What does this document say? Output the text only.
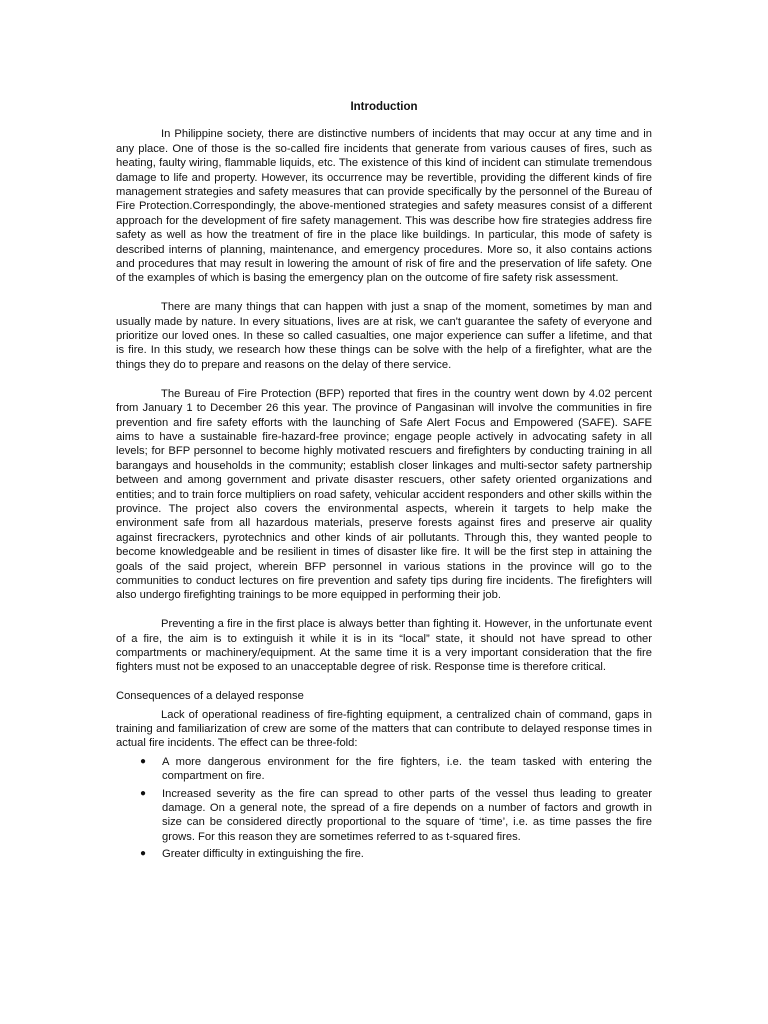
Introduction

In Philippine society, there are distinctive numbers of incidents that may occur at any time and in any place. One of those is the so-called fire incidents that generate from various causes of fires, such as heating, faulty wiring, flammable liquids, etc. The existence of this kind of incident can stimulate tremendous damage to life and property. However, its occurrence may be revertible, providing the different kinds of fire management strategies and safety measures that can provide specifically by the personnel of the Bureau of Fire Protection.Correspondingly, the above-mentioned strategies and safety measures consist of a different approach for the development of fire safety management. This was describe how fire strategies address fire safety as well as how the treatment of fire in the place like buildings. In particular, this mode of safety is described interns of planning, maintenance, and emergency procedures. More so, it also contains actions and procedures that may result in lowering the amount of risk of fire and the preservation of life safety. One of the examples of which is basing the emergency plan on the outcome of fire safety risk assessment.

There are many things that can happen with just a snap of the moment, sometimes by man and usually made by nature. In every situations, lives are at risk, we can't guarantee the safety of everyone and prioritize our loved ones. In these so called casualties, one major experience can suffer a lifetime, and that is fire. In this study, we research how these things can be solve with the help of a firefighter, what are the things they do to prepare and reasons on the delay of there service.

The Bureau of Fire Protection (BFP) reported that fires in the country went down by 4.02 percent from January 1 to December 26 this year. The province of Pangasinan will involve the communities in fire prevention and fire safety efforts with the launching of Safe Alert Focus and Empowered (SAFE). SAFE aims to have a sustainable fire-hazard-free province; engage people actively in advocating safety in all levels; for BFP personnel to become highly motivated rescuers and firefighters by conducting training in all barangays and households in the community; establish closer linkages and multi-sector safety partnership between and among government and private disaster rescuers, other safety oriented organizations and entities; and to train force multipliers on road safety, vehicular accident responders and other skills within the province. The project also covers the environmental aspects, wherein it targets to help make the environment safe from all hazardous materials, preserve forests against fires and preserve air quality against firecrackers, pyrotechnics and other kinds of air pollutants. Through this, they wanted people to become knowledgeable and be resilient in times of disaster like fire. It will be the first step in attaining the goals of the said project, wherein BFP personnel in various stations in the province will go to the communities to conduct lectures on fire prevention and safety tips during fire incidents. The firefighters will also undergo firefighting trainings to be more equipped in performing their job.

Preventing a fire in the first place is always better than fighting it. However, in the unfortunate event of a fire, the aim is to extinguish it while it is in its “local” state, it should not have spread to other compartments or machinery/equipment. At the same time it is a very important consideration that the fire fighters must not be exposed to an unacceptable degree of risk. Response time is therefore critical.

Consequences of a delayed response

Lack of operational readiness of fire-fighting equipment, a centralized chain of command, gaps in training and familiarization of crew are some of the matters that can contribute to delayed response times in actual fire incidents. The effect can be three-fold:

● A more dangerous environment for the fire fighters, i.e. the team tasked with entering the compartment on fire.
● Increased severity as the fire can spread to other parts of the vessel thus leading to greater damage. On a general note, the spread of a fire depends on a number of factors and growth in size can be considered directly proportional to the square of ‘time’, i.e. as time passes the fire grows. For this reason they are sometimes referred to as t-squared fires.
● Greater difficulty in extinguishing the fire.
